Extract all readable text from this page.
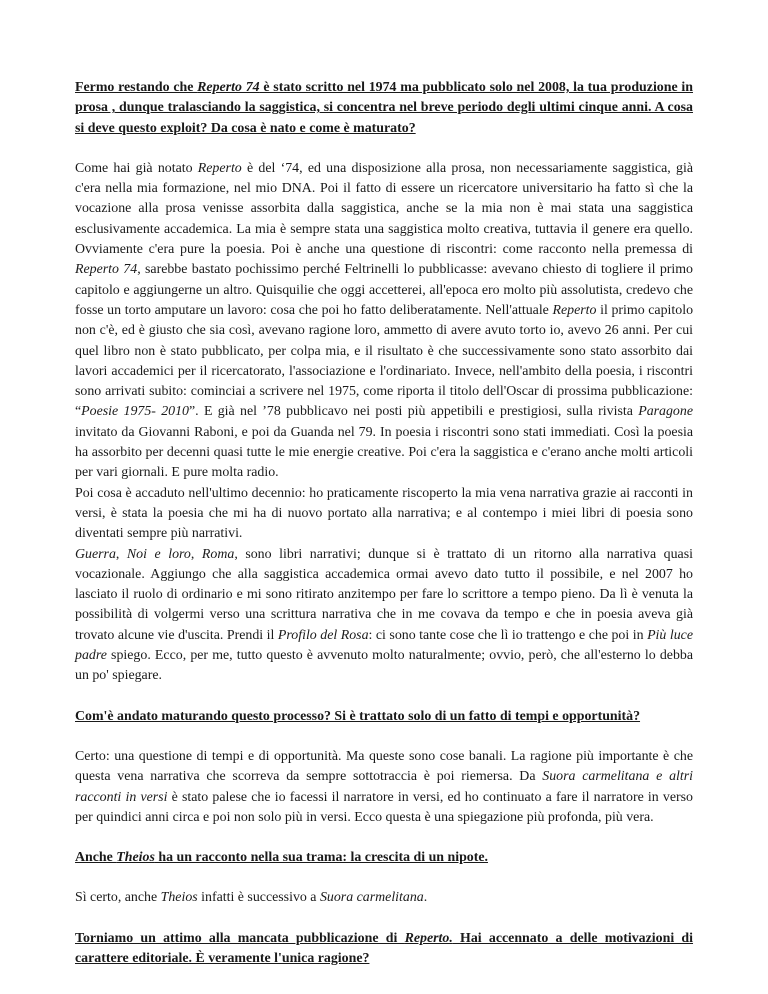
Fermo restando che Reperto 74 è stato scritto nel 1974 ma pubblicato solo nel 2008, la tua produzione in prosa , dunque tralasciando la saggistica, si concentra nel breve periodo degli ultimi cinque anni. A cosa si deve questo exploit? Da cosa è nato e come è maturato?

Come hai già notato Reperto è del ‘74, ed una disposizione alla prosa, non necessariamente saggistica, già c'era nella mia formazione, nel mio DNA. Poi il fatto di essere un ricercatore universitario ha fatto sì che la vocazione alla prosa venisse assorbita dalla saggistica, anche se la mia non è mai stata una saggistica esclusivamente accademica. La mia è sempre stata una saggistica molto creativa, tuttavia il genere era quello. Ovviamente c'era pure la poesia. Poi è anche una questione di riscontri: come racconto nella premessa di Reperto 74, sarebbe bastato pochissimo perché Feltrinelli lo pubblicasse: avevano chiesto di togliere il primo capitolo e aggiungerne un altro. Quisquilie che oggi accetterei, all'epoca ero molto più assolutista, credevo che fosse un torto amputare un lavoro: cosa che poi ho fatto deliberatamente. Nell'attuale Reperto il primo capitolo non c'è, ed è giusto che sia così, avevano ragione loro, ammetto di avere avuto torto io, avevo 26 anni. Per cui quel libro non è stato pubblicato, per colpa mia, e il risultato è che successivamente sono stato assorbito dai lavori accademici per il ricercatorato, l'associazione e l'ordinariato. Invece, nell'ambito della poesia, i riscontri sono arrivati subito: cominciai a scrivere nel 1975, come riporta il titolo dell'Oscar di prossima pubblicazione: “Poesie 1975- 2010”. E già nel ’78 pubblicavo nei posti più appetibili e prestigiosi, sulla rivista Paragone invitato da Giovanni Raboni, e poi da Guanda nel 79. In poesia i riscontri sono stati immediati. Così la poesia ha assorbito per decenni quasi tutte le mie energie creative. Poi c'era la saggistica e c'erano anche molti articoli per vari giornali. E pure molta radio.

Poi cosa è accaduto nell'ultimo decennio: ho praticamente riscoperto la mia vena narrativa grazie ai racconti in versi, è stata la poesia che mi ha di nuovo portato alla narrativa; e al contempo i miei libri di poesia sono diventati sempre più narrativi.

Guerra, Noi e loro, Roma, sono libri narrativi; dunque si è trattato di un ritorno alla narrativa quasi vocazionale. Aggiungo che alla saggistica accademica ormai avevo dato tutto il possibile, e nel 2007 ho lasciato il ruolo di ordinario e mi sono ritirato anzitempo per fare lo scrittore a tempo pieno. Da lì è venuta la possibilità di volgermi verso una scrittura narrativa che in me covava da tempo e che in poesia aveva già trovato alcune vie d'uscita. Prendi il Profilo del Rosa: ci sono tante cose che lì io trattengo e che poi in Più luce padre spiego. Ecco, per me, tutto questo è avvenuto molto naturalmente; ovvio, però, che all'esterno lo debba un po' spiegare.

Com'è andato maturando questo processo? Si è trattato solo di un fatto di tempi e opportunità?

Certo: una questione di tempi e di opportunità. Ma queste sono cose banali. La ragione più importante è che questa vena narrativa che scorreva da sempre sottotraccia è poi riemersa. Da Suora carmelitana e altri racconti in versi è stato palese che io facessi il narratore in versi, ed ho continuato a fare il narratore in verso per quindici anni circa e poi non solo più in versi. Ecco questa è una spiegazione più profonda, più vera.

Anche Theios ha un racconto nella sua trama: la crescita di un nipote.

Sì certo, anche Theios infatti è successivo a Suora carmelitana.

Torniamo un attimo alla mancata pubblicazione di Reperto. Hai accennato a delle motivazioni di carattere editoriale. È veramente l'unica ragione?
